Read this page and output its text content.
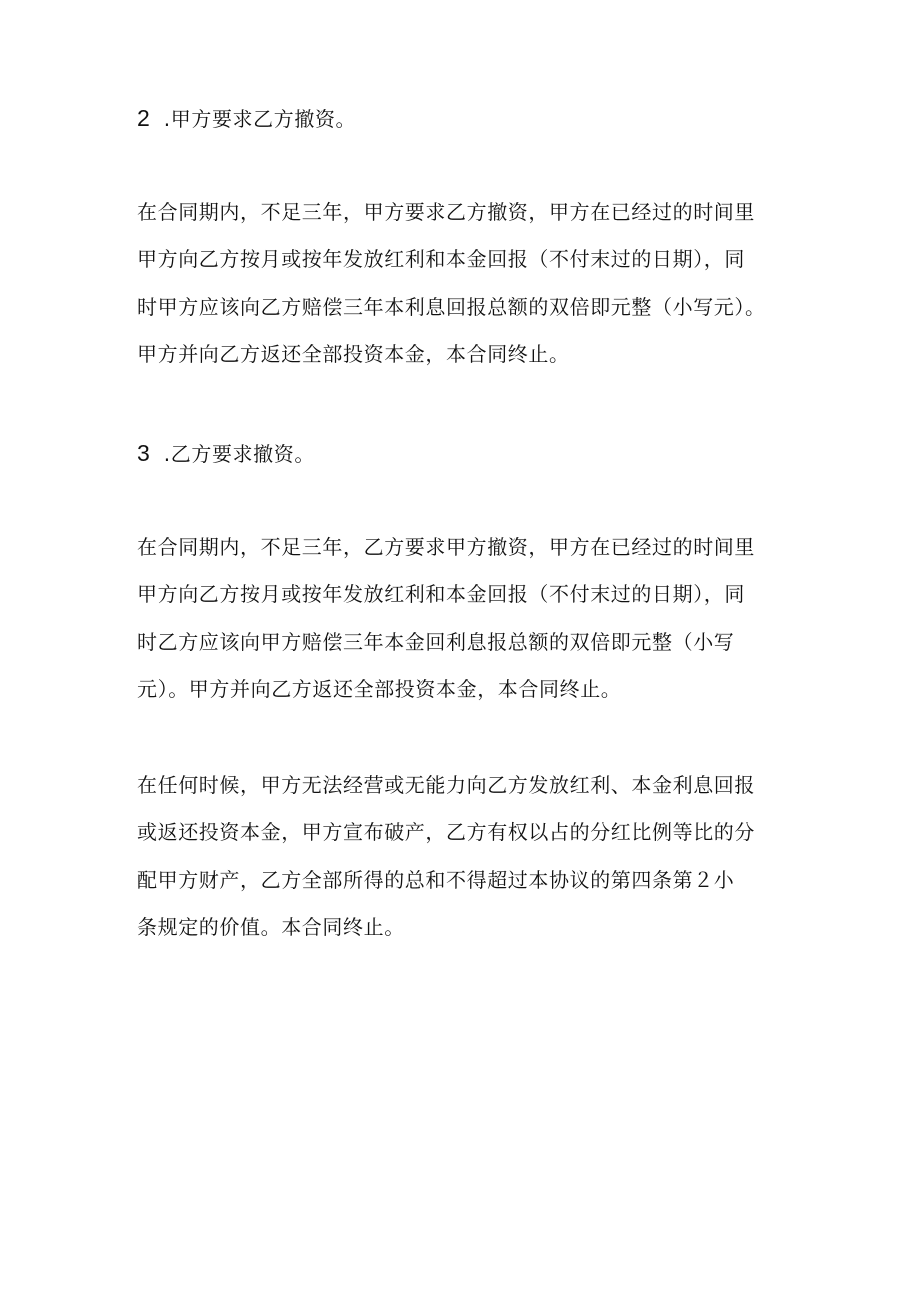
2 .甲方要求乙方撤资。
在合同期内，不足三年，甲方要求乙方撤资，甲方在已经过的时间里
甲方向乙方按月或按年发放红利和本金回报（不付末过的日期），同
时甲方应该向乙方赔偿三年本利息回报总额的双倍即元整（小写元）。
甲方并向乙方返还全部投资本金，本合同终止。
3 .乙方要求撤资。
在合同期内，不足三年，乙方要求甲方撤资，甲方在已经过的时间里
甲方向乙方按月或按年发放红利和本金回报（不付末过的日期），同
时乙方应该向甲方赔偿三年本金回利息报总额的双倍即元整（小写
元）。甲方并向乙方返还全部投资本金，本合同终止。
在任何时候，甲方无法经营或无能力向乙方发放红利、本金利息回报
或返还投资本金，甲方宣布破产，乙方有权以占的分红比例等比的分
配甲方财产，乙方全部所得的总和不得超过本协议的第四条第２小
条规定的价值。本合同终止。
